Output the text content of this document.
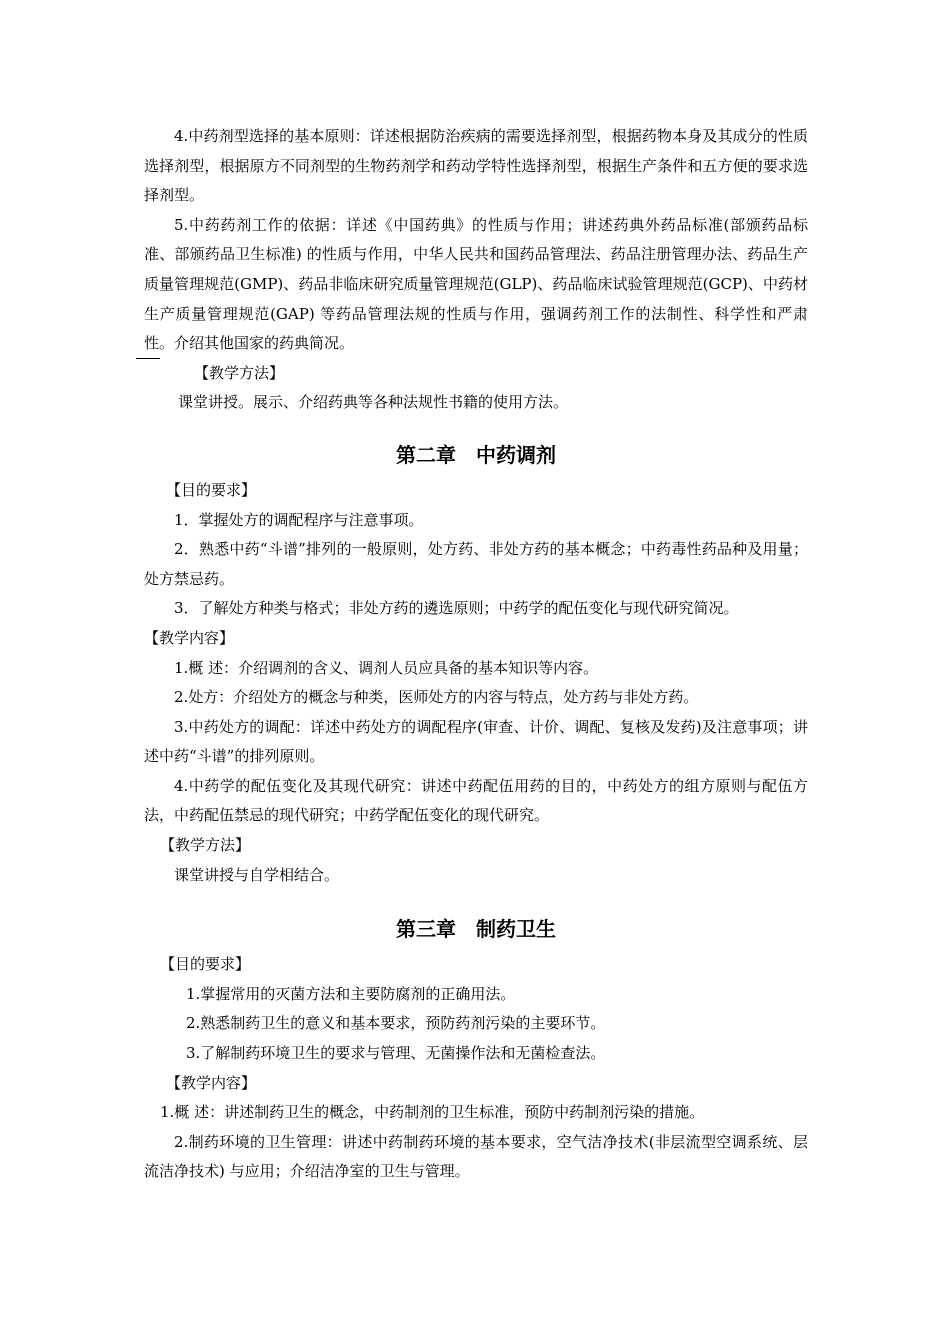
4.中药剂型选择的基本原则：详述根据防治疾病的需要选择剂型，根据药物本身及其成分的性质选择剂型，根据原方不同剂型的生物药剂学和药动学特性选择剂型，根据生产条件和五方便的要求选择剂型。

5.中药药剂工作的依据：详述《中国药典》的性质与作用；讲述药典外药品标准(部颁药品标准、部颁药品卫生标准) 的性质与作用，中华人民共和国药品管理法、药品注册管理办法、药品生产质量管理规范(GMP)、药品非临床研究质量管理规范(GLP)、药品临床试验管理规范(GCP)、中药材生产质量管理规范(GAP) 等药品管理法规的性质与作用，强调药剂工作的法制性、科学性和严肃性。介绍其他国家的药典简况。

【教学方法】

课堂讲授。展示、介绍药典等各种法规性书籍的使用方法。

第二章　中药调剂

【目的要求】

1．掌握处方的调配程序与注意事项。

2．熟悉中药“斗谱”排列的一般原则，处方药、非处方药的基本概念；中药毒性药品种及用量；处方禁忌药。

3．了解处方种类与格式；非处方药的遴选原则；中药学的配伍变化与现代研究简况。

【教学内容】

1.概 述：介绍调剂的含义、调剂人员应具备的基本知识等内容。

2.处方：介绍处方的概念与种类，医师处方的内容与特点，处方药与非处方药。

3.中药处方的调配：详述中药处方的调配程序(审查、计价、调配、复核及发药)及注意事项；讲述中药“斗谱”的排列原则。

4.中药学的配伍变化及其现代研究：讲述中药配伍用药的目的，中药处方的组方原则与配伍方法，中药配伍禁忌的现代研究；中药学配伍变化的现代研究。

【教学方法】

课堂讲授与自学相结合。

第三章　制药卫生

【目的要求】

1.掌握常用的灭菌方法和主要防腐剂的正确用法。

2.熟悉制药卫生的意义和基本要求，预防药剂污染的主要环节。

3.了解制药环境卫生的要求与管理、无菌操作法和无菌检查法。

【教学内容】

1.概 述：讲述制药卫生的概念，中药制剂的卫生标准，预防中药制剂污染的措施。

2.制药环境的卫生管理：讲述中药制药环境的基本要求，空气洁净技术(非层流型空调系统、层流洁净技术) 与应用；介绍洁净室的卫生与管理。
